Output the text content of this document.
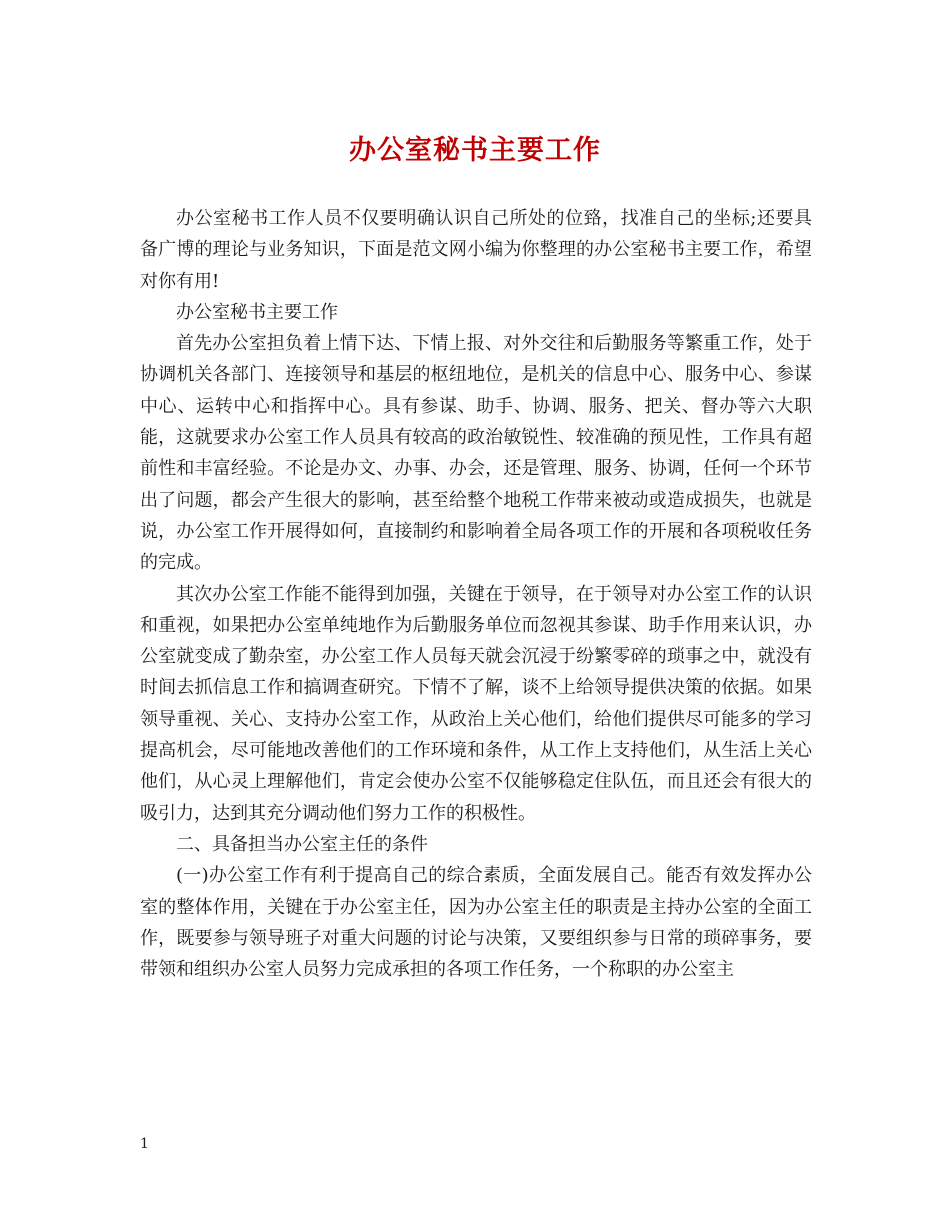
办公室秘书主要工作

办公室秘书工作人员不仅要明确认识自己所处的位臵，找准自己的坐标;还要具备广博的理论与业务知识，下面是范文网小编为你整理的办公室秘书主要工作，希望对你有用!

办公室秘书主要工作

首先办公室担负着上情下达、下情上报、对外交往和后勤服务等繁重工作，处于协调机关各部门、连接领导和基层的枢纽地位，是机关的信息中心、服务中心、参谋中心、运转中心和指挥中心。具有参谋、助手、协调、服务、把关、督办等六大职能，这就要求办公室工作人员具有较高的政治敏锐性、较准确的预见性，工作具有超前性和丰富经验。不论是办文、办事、办会，还是管理、服务、协调，任何一个环节出了问题，都会产生很大的影响，甚至给整个地税工作带来被动或造成损失，也就是说，办公室工作开展得如何，直接制约和影响着全局各项工作的开展和各项税收任务的完成。

其次办公室工作能不能得到加强，关键在于领导，在于领导对办公室工作的认识和重视，如果把办公室单纯地作为后勤服务单位而忽视其参谋、助手作用来认识，办公室就变成了勤杂室，办公室工作人员每天就会沉浸于纷繁零碎的琐事之中，就没有时间去抓信息工作和搞调查研究。下情不了解，谈不上给领导提供决策的依据。如果领导重视、关心、支持办公室工作，从政治上关心他们，给他们提供尽可能多的学习提高机会，尽可能地改善他们的工作环境和条件，从工作上支持他们，从生活上关心他们，从心灵上理解他们，肯定会使办公室不仅能够稳定住队伍，而且还会有很大的吸引力，达到其充分调动他们努力工作的积极性。

二、具备担当办公室主任的条件

(一)办公室工作有利于提高自己的综合素质，全面发展自己。能否有效发挥办公室的整体作用，关键在于办公室主任，因为办公室主任的职责是主持办公室的全面工作，既要参与领导班子对重大问题的讨论与决策，又要组织参与日常的琐碎事务，要带领和组织办公室人员努力完成承担的各项工作任务，一个称职的办公室主

1
